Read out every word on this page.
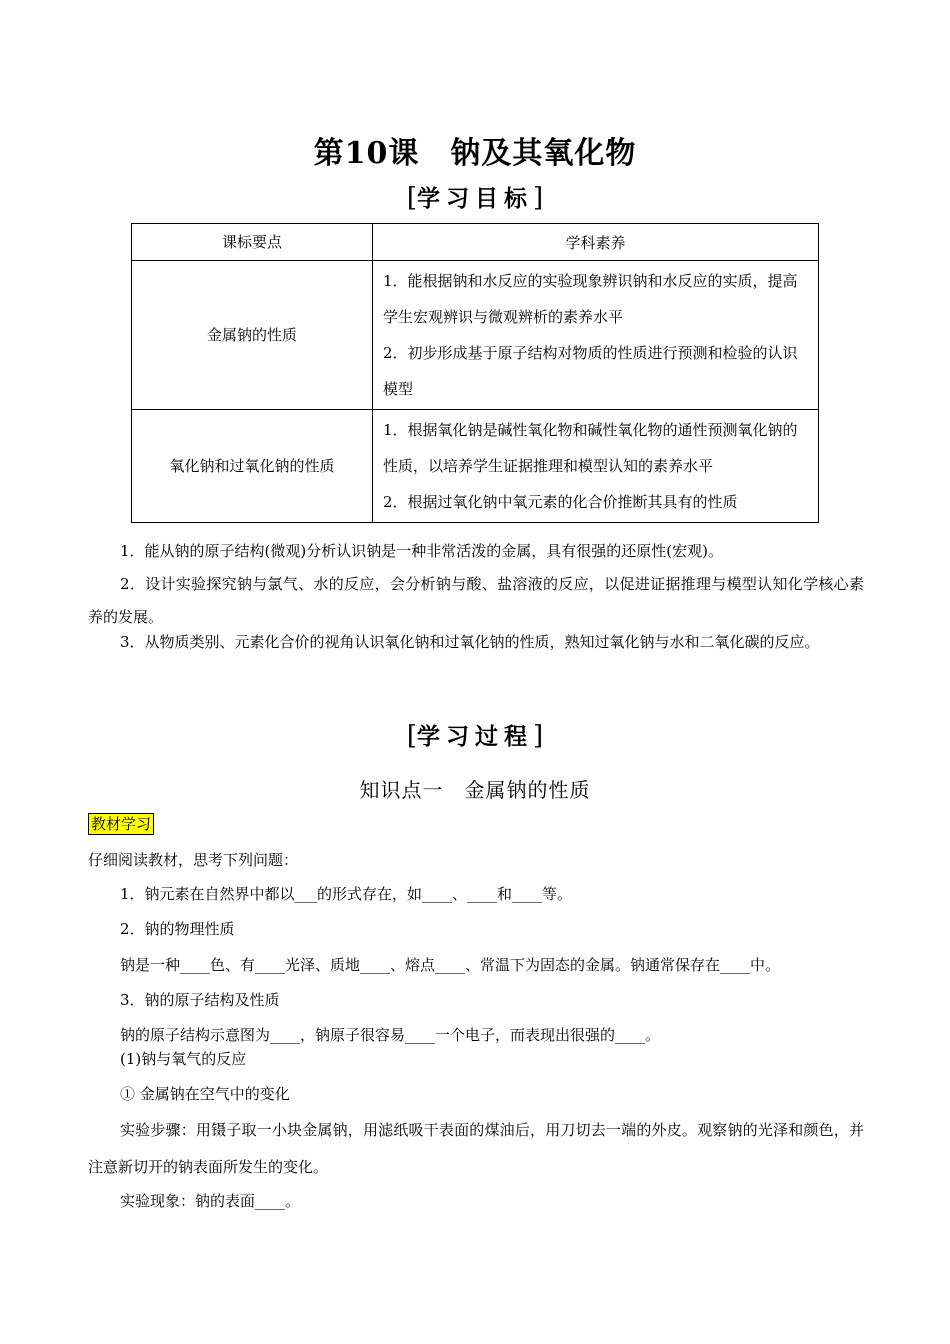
第10课　钠及其氧化物
[学习目标]
课标要点	学科素养
金属钠的性质	1．能根据钠和水反应的实验现象辨识钠和水反应的实质，提高学生宏观辨识与微观辨析的素养水平
2．初步形成基于原子结构对物质的性质进行预测和检验的认识模型

氧化钠和过氧化钠的性质	1．根据氧化钠是碱性氧化物和碱性氧化物的通性预测氧化钠的性质，以培养学生证据推理和模型认知的素养水平
2．根据过氧化钠中氧元素的化合价推断其具有的性质
1．能从钠的原子结构(微观)分析认识钠是一种非常活泼的金属，具有很强的还原性(宏观)。
2．设计实验探究钠与氯气、水的反应，会分析钠与酸、盐溶液的反应，以促进证据推理与模型认知化学核心素养的发展。
3．从物质类别、元素化合价的视角认识氧化钠和过氧化钠的性质，熟知过氧化钠与水和二氧化碳的反应。
[学习过程]
知识点一　金属钠的性质
教材学习
仔细阅读教材，思考下列问题：
1．钠元素在自然界中都以___的形式存在，如____、____和____等。
2．钠的物理性质
钠是一种____色、有____光泽、质地____、熔点____、常温下为固态的金属。钠通常保存在____中。
3．钠的原子结构及性质
钠的原子结构示意图为____，钠原子很容易____一个电子，而表现出很强的____。
(1)钠与氧气的反应
① 金属钠在空气中的变化
实验步骤：用镊子取一小块金属钠，用滤纸吸干表面的煤油后，用刀切去一端的外皮。观察钠的光泽和颜色，并注意新切开的钠表面所发生的变化。
实验现象：钠的表面____。
